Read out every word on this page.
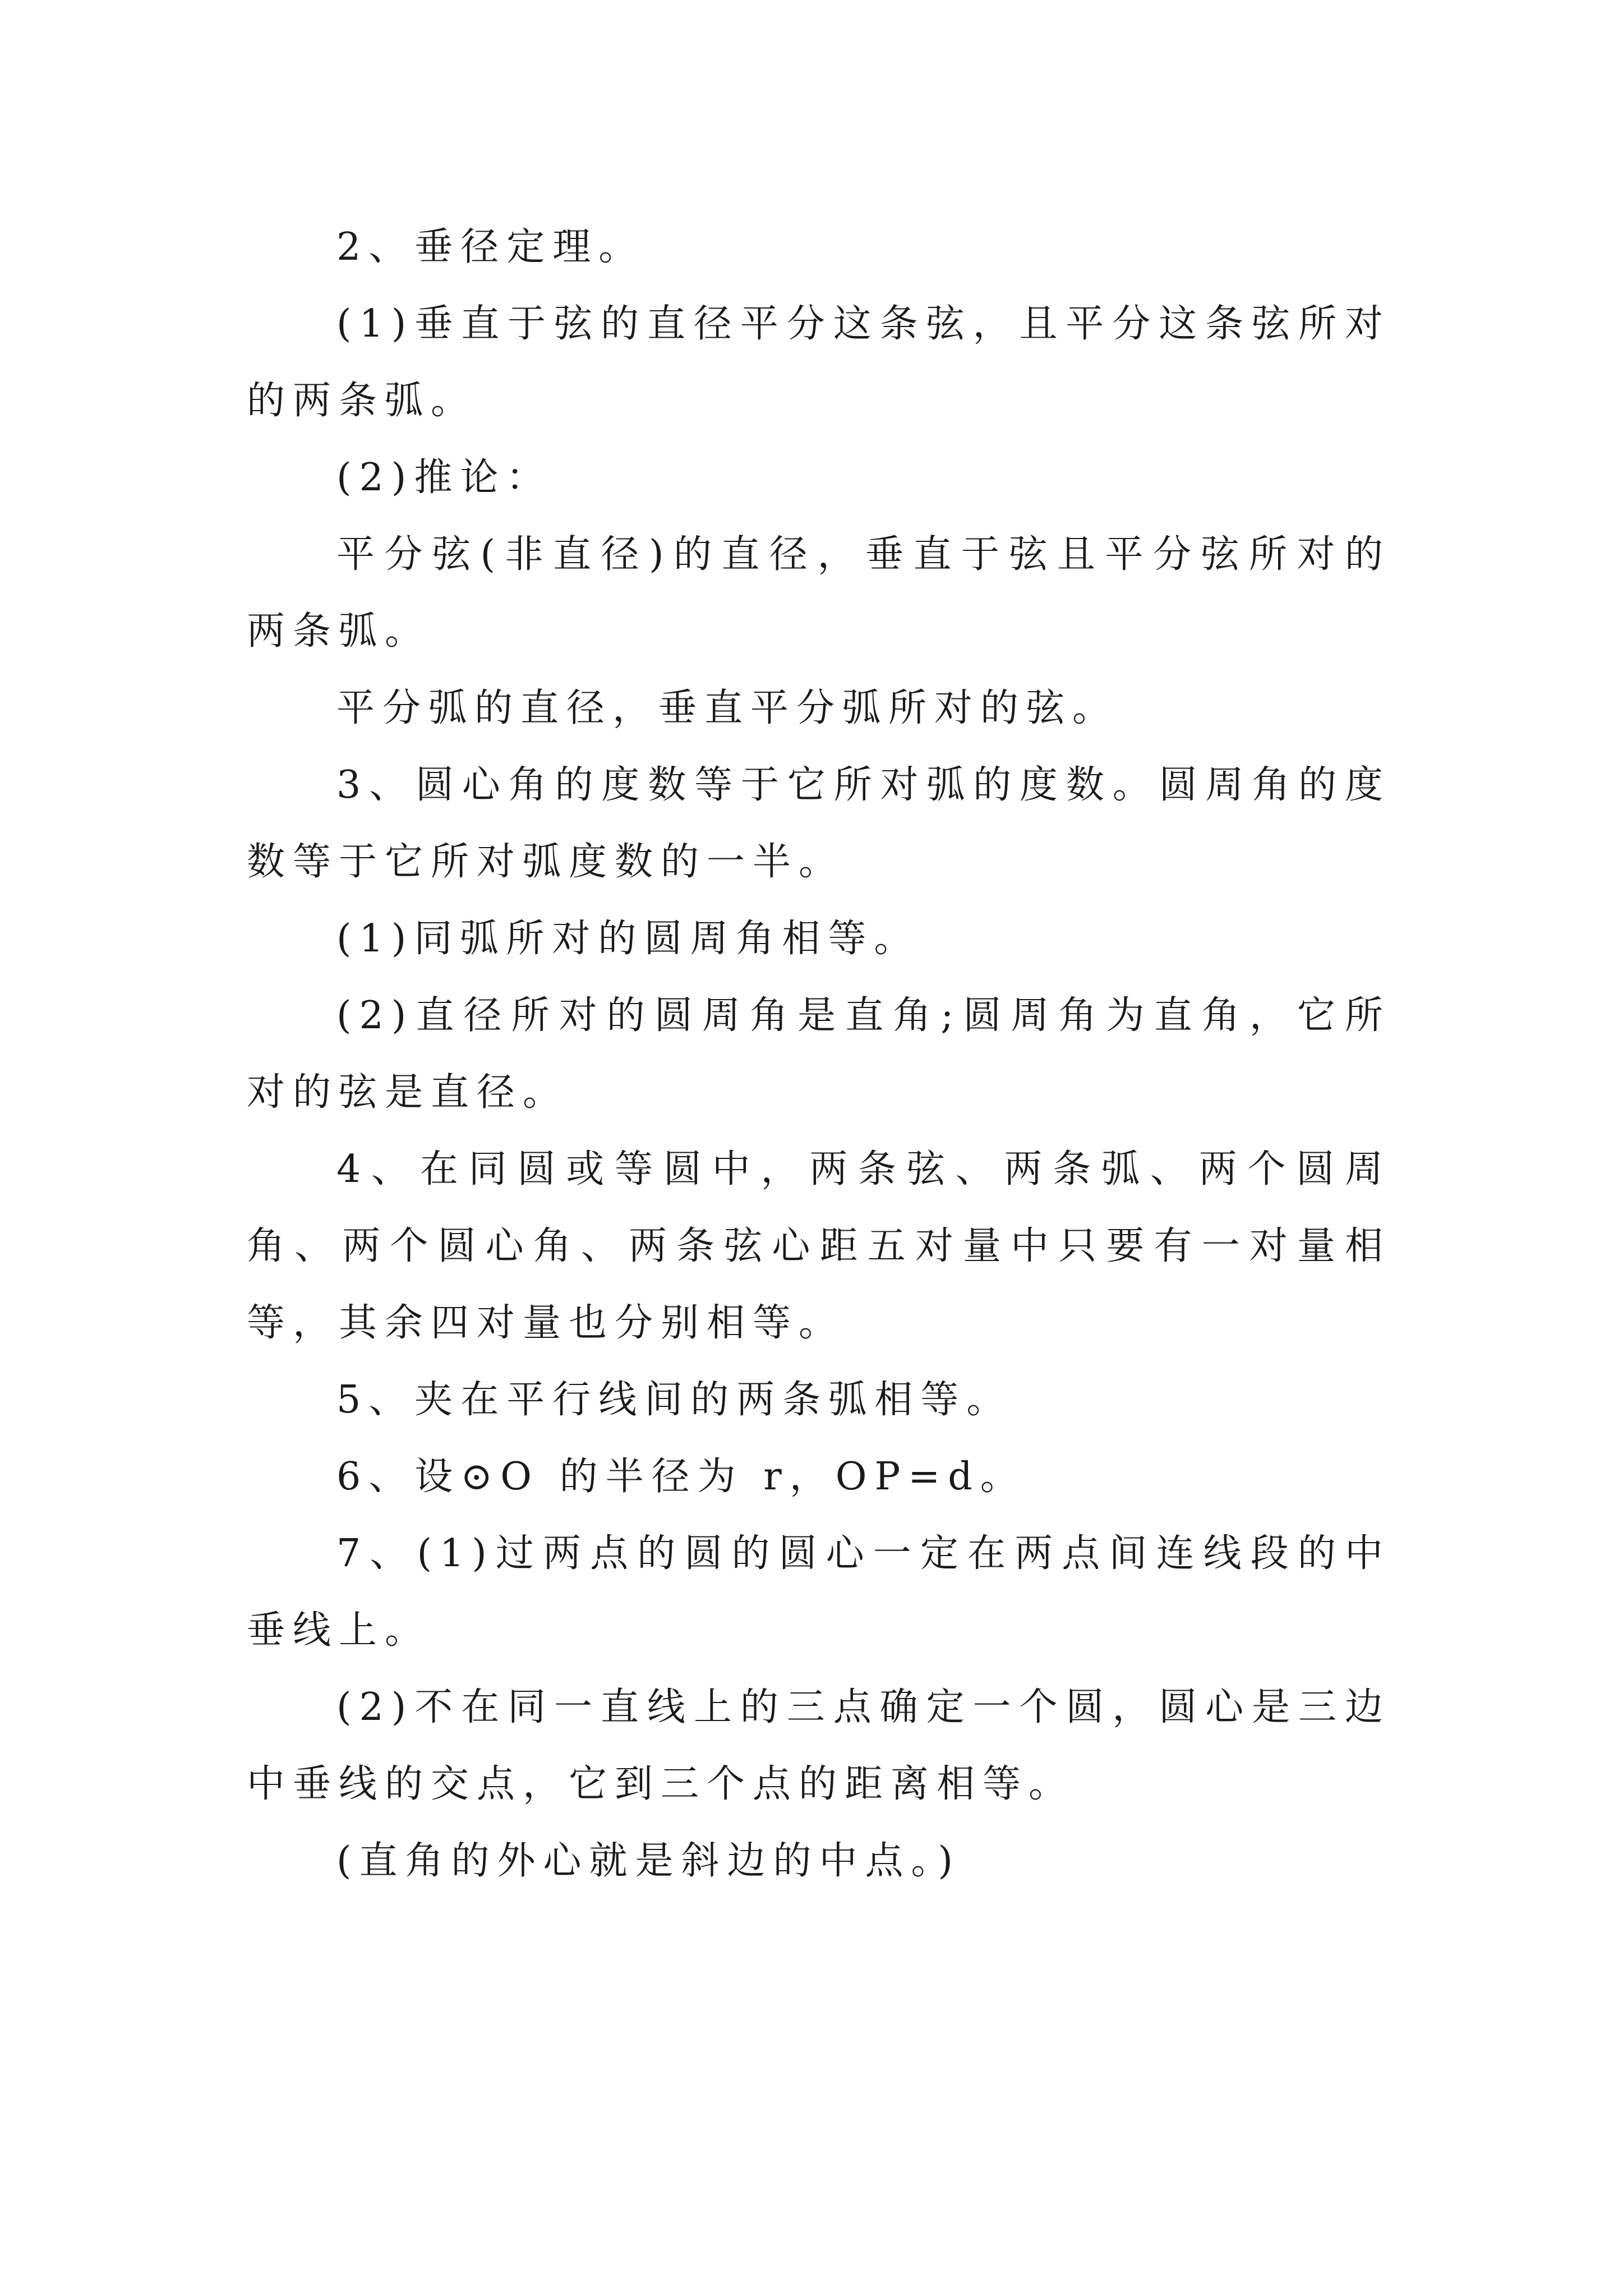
2、垂径定理。

(1)垂直于弦的直径平分这条弦，且平分这条弦所对的两条弧。

(2)推论：

平分弦(非直径)的直径，垂直于弦且平分弦所对的两条弧。

平分弧的直径，垂直平分弧所对的弦。

3、圆心角的度数等于它所对弧的度数。圆周角的度数等于它所对弧度数的一半。

(1)同弧所对的圆周角相等。

(2)直径所对的圆周角是直角;圆周角为直角，它所对的弦是直径。

4、在同圆或等圆中，两条弦、两条弧、两个圆周角、两个圆心角、两条弦心距五对量中只要有一对量相等，其余四对量也分别相等。

5、夹在平行线间的两条弧相等。

6、设⊙O 的半径为 r，OP=d。

7、(1)过两点的圆的圆心一定在两点间连线段的中垂线上。

(2)不在同一直线上的三点确定一个圆，圆心是三边中垂线的交点，它到三个点的距离相等。

(直角的外心就是斜边的中点。)
